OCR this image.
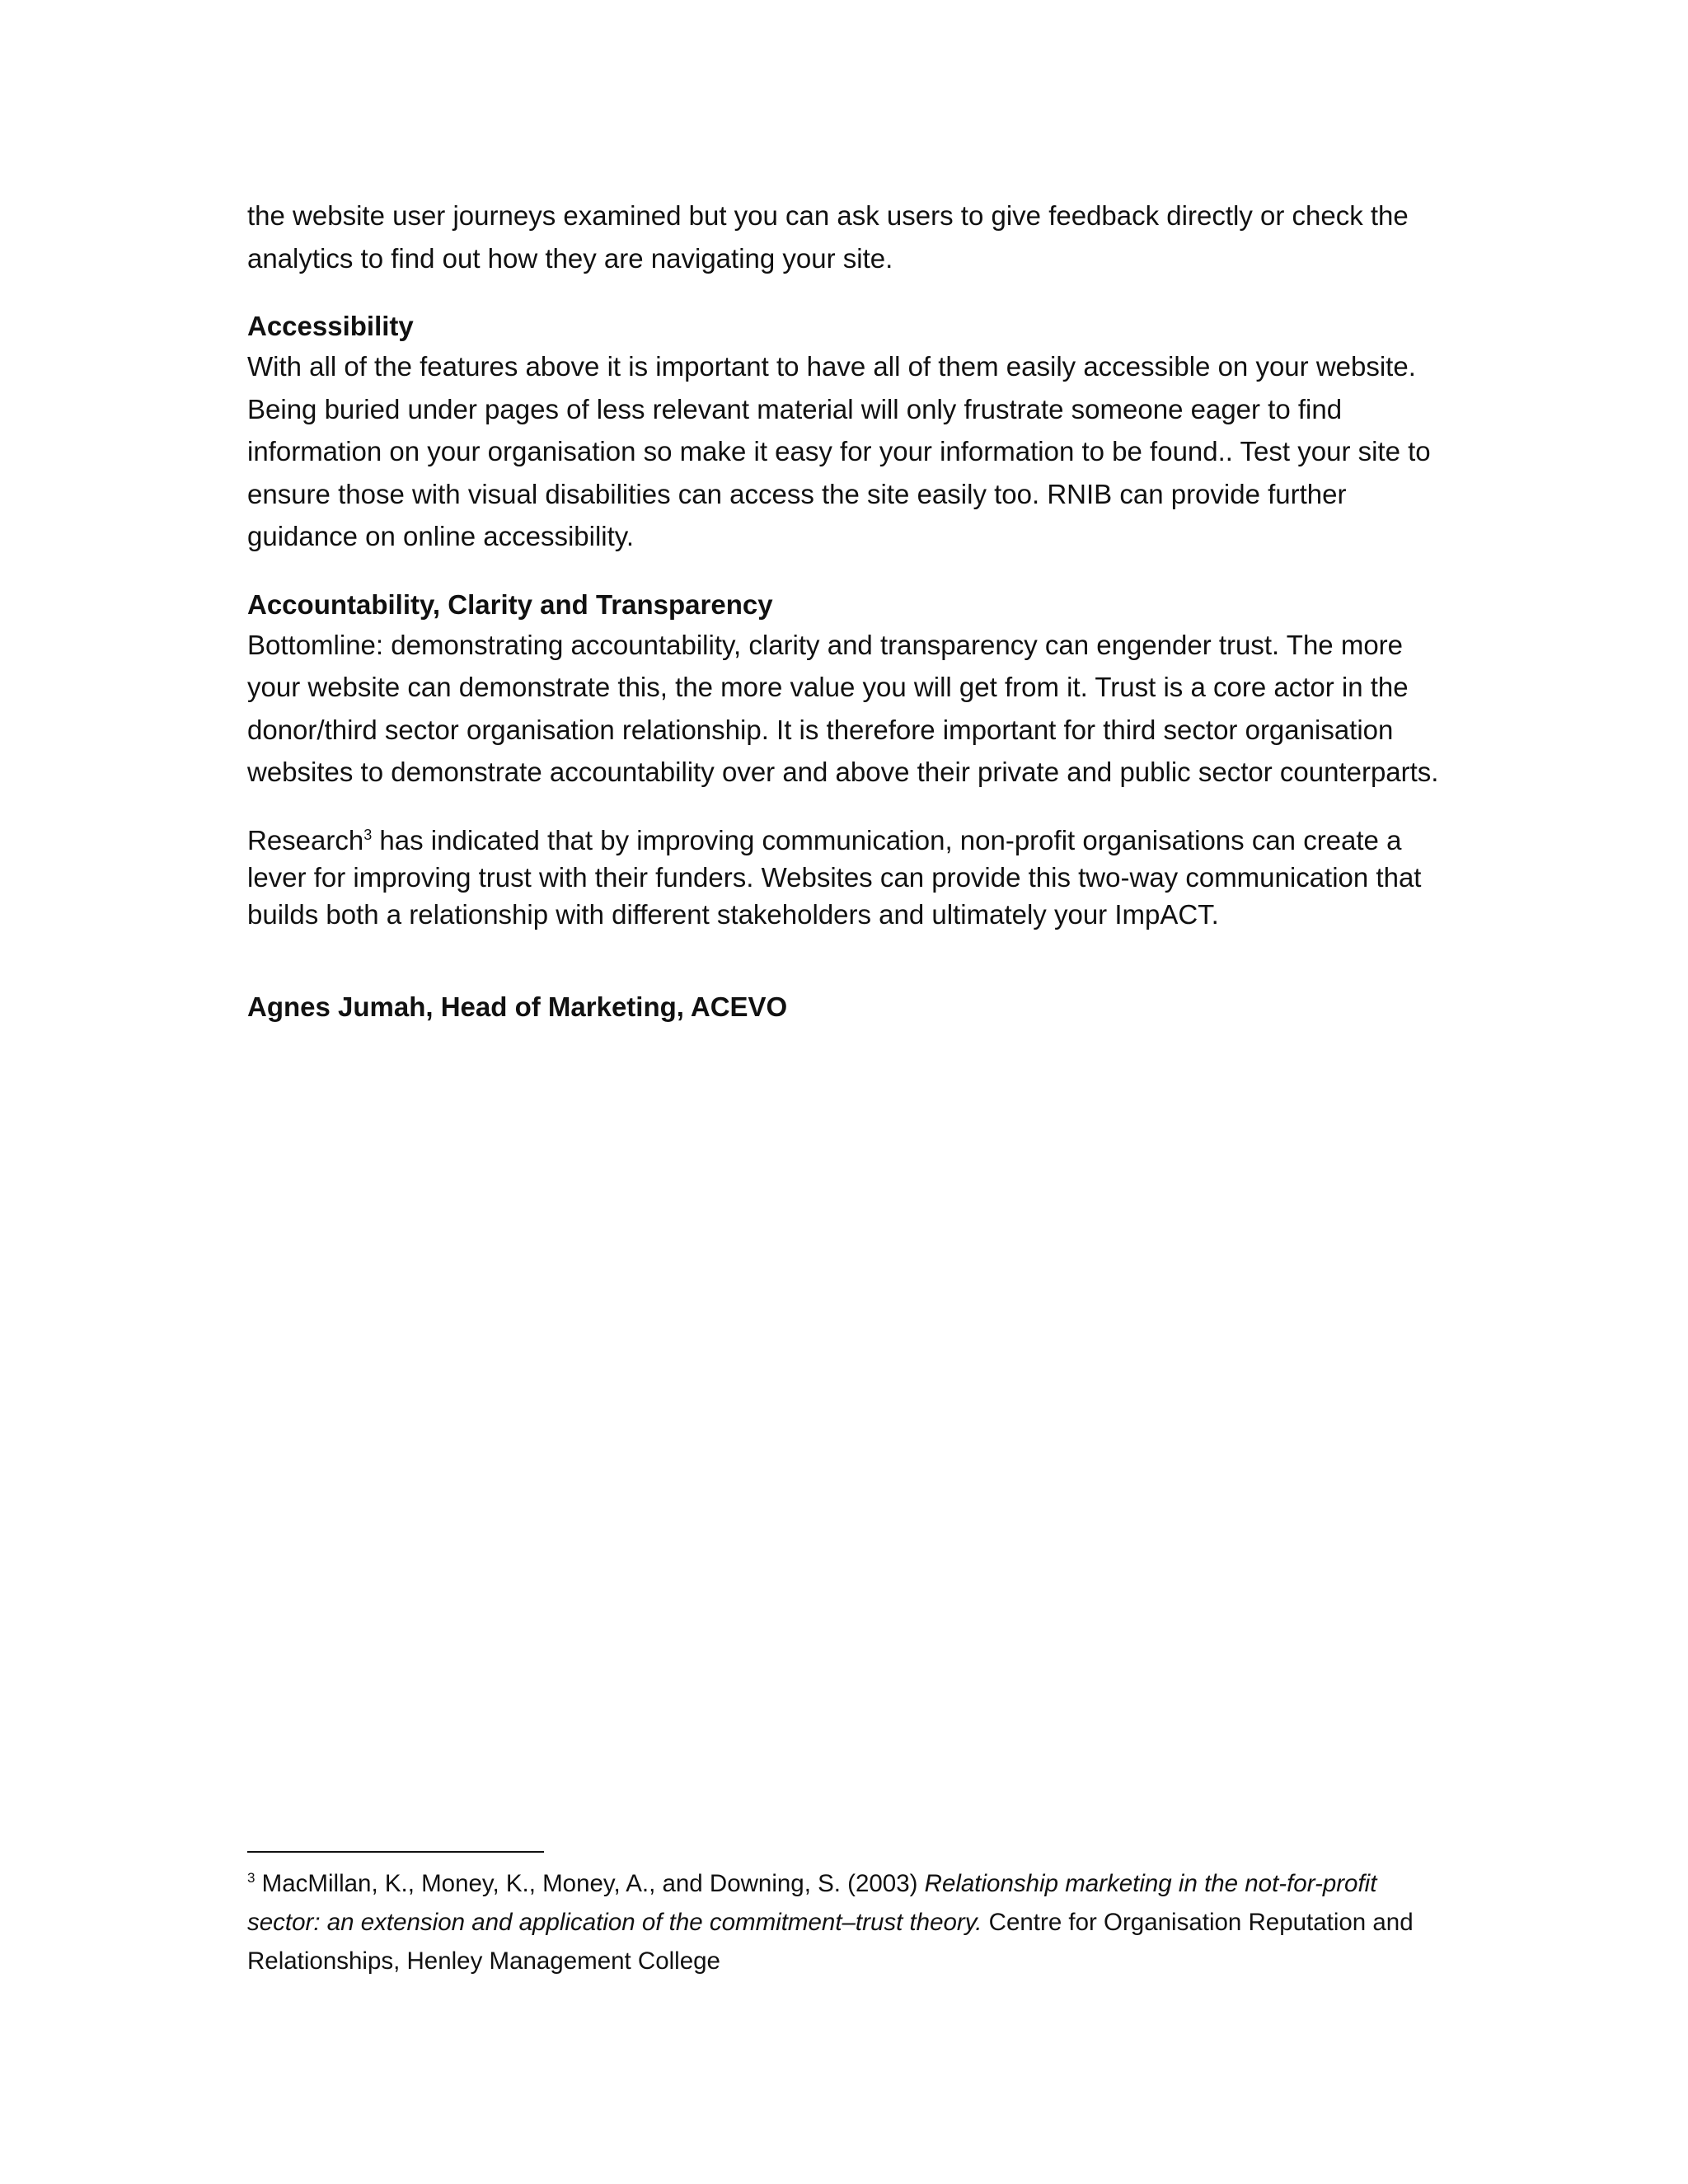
the website user journeys examined but you can ask users to give feedback directly or check the analytics to find out how they are navigating your site.

Accessibility

With all of the features above it is important to have all of them easily accessible on your website. Being buried under pages of less relevant material will only frustrate someone eager to find information on your organisation so make it easy for your information to be found.. Test your site to ensure those with visual disabilities can access the site easily too. RNIB can provide further guidance on online accessibility.

Accountability, Clarity and Transparency

Bottomline: demonstrating accountability, clarity and transparency can engender trust. The more your website can demonstrate this, the more value you will get from it. Trust is a core actor in the donor/third sector organisation relationship. It is therefore important for third sector organisation websites to demonstrate accountability over and above their private and public sector counterparts.

Research$^3$ has indicated that by improving communication, non-profit organisations can create a lever for improving trust with their funders. Websites can provide this two-way communication that builds both a relationship with different stakeholders and ultimately your ImpACT.

Agnes Jumah, Head of Marketing, ACEVO

$^3$ MacMillan, K., Money, K., Money, A., and Downing, S. (2003) Relationship marketing in the not-for-profit sector: an extension and application of the commitment–trust theory. Centre for Organisation Reputation and Relationships, Henley Management College
